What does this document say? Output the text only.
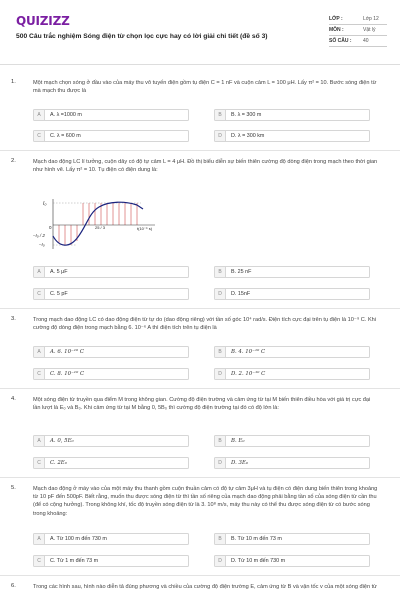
QUIZIZZ
500 Câu trắc nghiệm Sóng điện từ chọn lọc cực hay có lời giải chi tiết (đề số 3)
LỚP :	Lớp 12
MÔN :	Vật lý
SỐ CÂU :	40
1.	Một mạch chọn sóng ở đầu vào của máy thu vô tuyến điện gồm tụ điện C = 1 nF và cuộn cảm L = 100 μH. Lấy π² = 10. Bước sóng điện từ mà mạch thu được là
A	A. λ =1000 m	B	B. λ = 300 m
C	C. λ = 600 m	D	D. λ = 300 km
2.	Mạch dao động LC lí tưởng, cuộn dây có độ tự cảm L = 4 μH. Đồ thị biểu diễn sự biến thiên cường độ dòng điện trong mạch theo thời gian như hình vẽ. Lấy π² = 10. Tụ điện có điện dung là:
I₀
0
–I₀ / 2
–I₀
25 / 3	t(10⁻⁶ s)
A	A. 5 μF	B	B. 25 nF
C	C. 5 pF	D	D. 15nF
3.	Trong mạch dao động LC có dao động điện từ tự do (dao động riêng) với tần số góc 10⁴ rad/s. Điện tích cực đại trên tụ điện là 10⁻⁹ C. Khi cường độ dòng điện trong mạch bằng 6. 10⁻⁶ A thì điện tích trên tụ điện là
A	A. 6. 10⁻¹⁰ C	B	B. 4. 10⁻¹⁰ C
C	C. 8. 10⁻¹⁰ C	D	D. 2. 10⁻¹⁰ C
4.	Một sóng điện từ truyền qua điểm M trong không gian. Cường độ điện trường và cảm ứng từ tại M biến thiên điều hòa với giá trị cực đại lần lượt là E₀ và B₀. Khi cảm ứng từ tại M bằng 0, 5B₀ thì cường độ điện trường tại đó có độ lớn là:
A	A. 0, 5E₀	B	B. E₀
C	C. 2E₀	D	D. 3E₀
5.	Mạch dao động ở máy vào của một máy thu thanh gồm cuộn thuần cảm có độ tự cảm 3μH và tụ điện có điện dung biến thiên trong khoảng từ 10 pF đến 500pF. Biết rằng, muốn thu được sóng điện từ thì tần số riêng của mạch dao động phải bằng tần số của sóng điện từ cần thu (để có cộng hưởng). Trong không khí, tốc độ truyền sóng điện từ là 3. 10⁸ m/s, máy thu này có thể thu được sóng điện từ có bước sóng trong khoảng:
A	A. Từ 100 m đến 730 m	B	B. Từ 10 m đến 73 m
C	C. Từ 1 m đến 73 m	D	D. Từ 10 m đến 730 m
6.	Trong các hình sau, hình nào diễn tả đúng phương và chiều của cường độ điện trường E, cảm ứng từ B và vận tốc v của một sóng điện từ
